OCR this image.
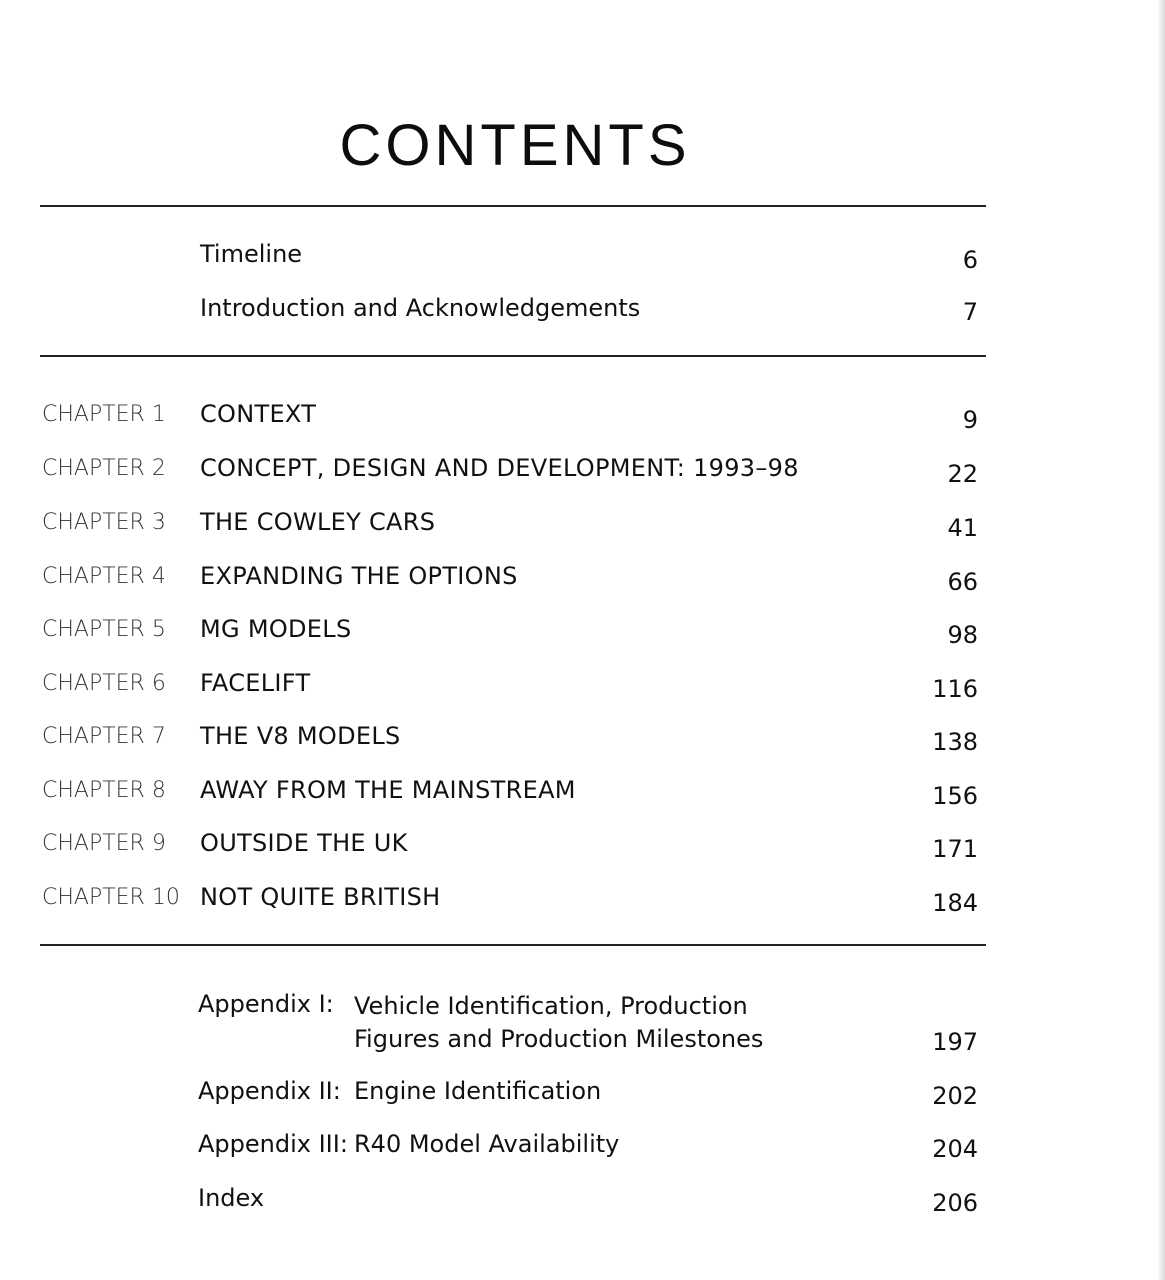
CONTENTS
Timeline	6
Introduction and Acknowledgements	7
CHAPTER 1 CONTEXT	9
CHAPTER 2 CONCEPT, DESIGN AND DEVELOPMENT: 1993–98	22
CHAPTER 3 THE COWLEY CARS	41
CHAPTER 4 EXPANDING THE OPTIONS	66
CHAPTER 5 MG MODELS	98
CHAPTER 6 FACELIFT	116
CHAPTER 7 THE V8 MODELS	138
CHAPTER 8 AWAY FROM THE MAINSTREAM	156
CHAPTER 9 OUTSIDE THE UK	171
CHAPTER 10 NOT QUITE BRITISH	184
Appendix I: Vehicle Identification, Production Figures and Production Milestones	197
Appendix II: Engine Identification	202
Appendix III: R40 Model Availability	204
Index	206
